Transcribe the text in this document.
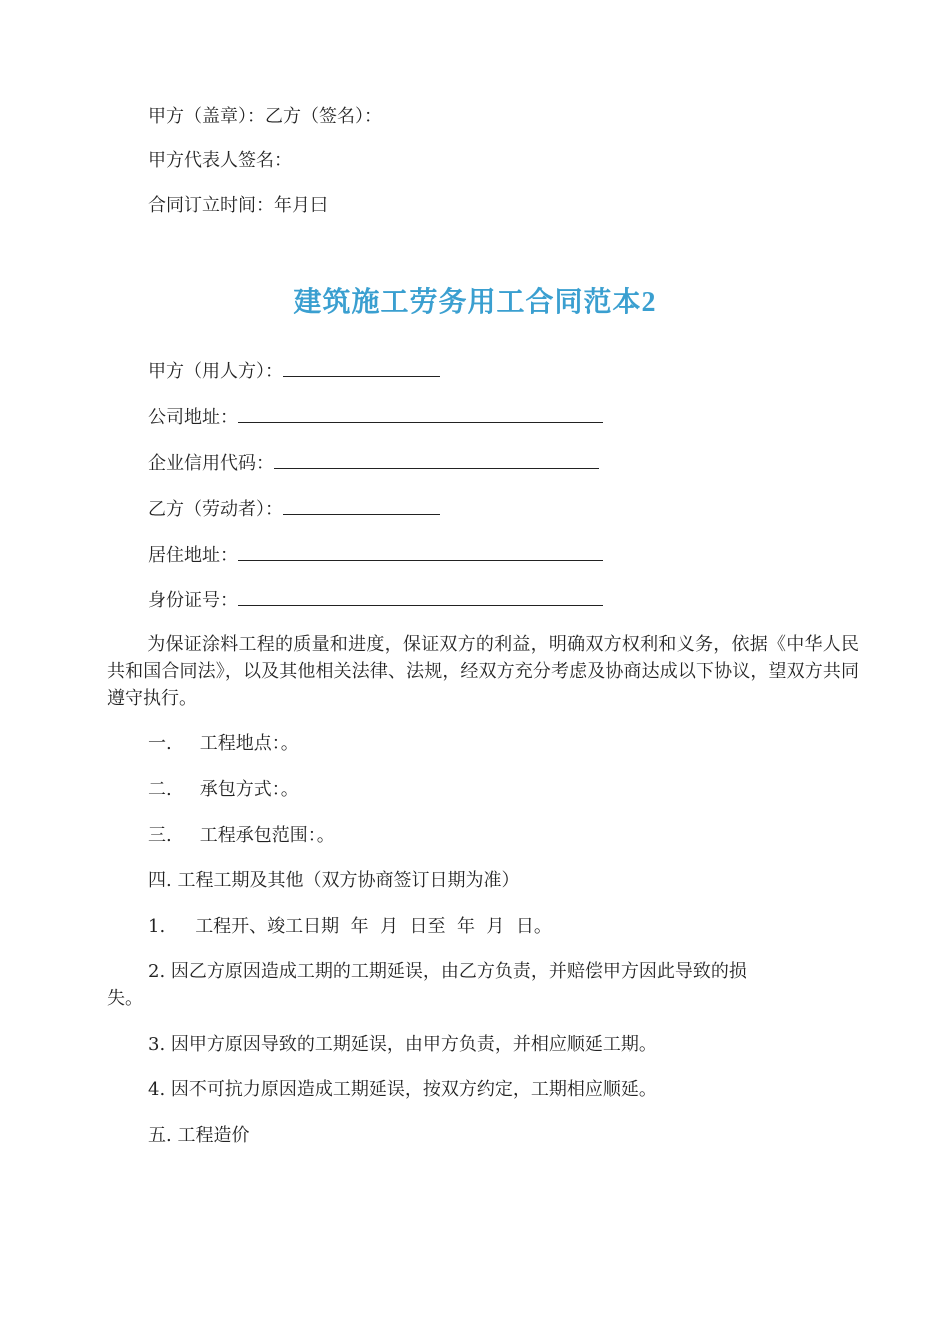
甲方（盖章）：乙方（签名）：
甲方代表人签名：
合同订立时间：年月曰
建筑施工劳务用工合同范本2
甲方（用人方）：
公司地址：
企业信用代码：
乙方（劳动者）：
居住地址：
身份证号：
为保证涂料工程的质量和进度，保证双方的利益，明确双方权利和义务，依据《中华人民共和国合同法》，以及其他相关法律、法规，经双方充分考虑及协商达成以下协议，望双方共同遵守执行。
一. 工程地点：。
二. 承包方式：。
三. 工程承包范围：。
四. 工程工期及其他（双方协商签订日期为准）
1. 工程开、竣工日期  年  月  日至  年  月  日。
2. 因乙方原因造成工期的工期延误，由乙方负责，并赔偿甲方因此导致的损
失。
3. 因甲方原因导致的工期延误，由甲方负责，并相应顺延工期。
4. 因不可抗力原因造成工期延误，按双方约定，工期相应顺延。
五. 工程造价
